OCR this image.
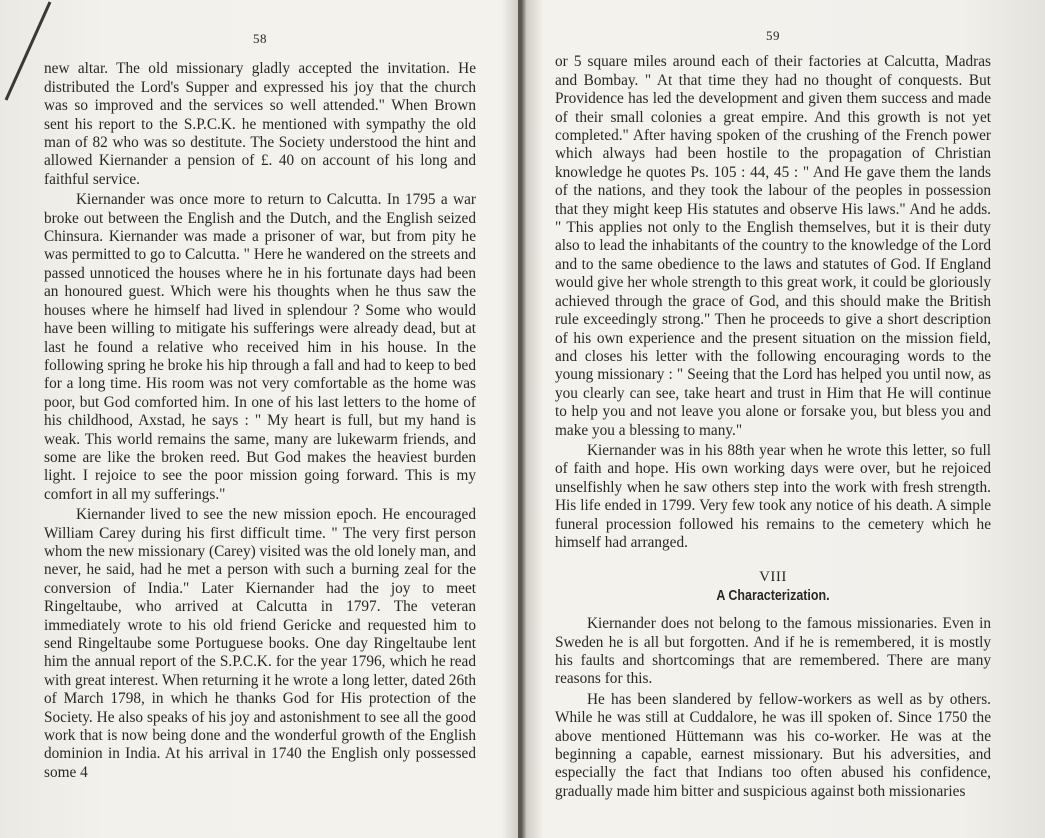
58

new altar. The old missionary gladly accepted the invitation. He distributed the Lord's Supper and expressed his joy that the church was so improved and the services so well attended." When Brown sent his report to the S.P.C.K. he mentioned with sympathy the old man of 82 who was so destitute. The Society understood the hint and allowed Kiernander a pension of £. 40 on account of his long and faithful service.

Kiernander was once more to return to Calcutta. In 1795 a war broke out between the English and the Dutch, and the English seized Chinsura. Kiernander was made a prisoner of war, but from pity he was permitted to go to Calcutta. " Here he wandered on the streets and passed unnoticed the houses where he in his fortunate days had been an honoured guest. Which were his thoughts when he thus saw the houses where he himself had lived in splendour ? Some who would have been willing to mitigate his sufferings were already dead, but at last he found a relative who received him in his house. In the following spring he broke his hip through a fall and had to keep to bed for a long time. His room was not very comfortable as the home was poor, but God comforted him. In one of his last letters to the home of his childhood, Axstad, he says : " My heart is full, but my hand is weak. This world remains the same, many are lukewarm friends, and some are like the broken reed. But God makes the heaviest burden light. I rejoice to see the poor mission going forward. This is my comfort in all my sufferings."

Kiernander lived to see the new mission epoch. He encouraged William Carey during his first difficult time. " The very first person whom the new missionary (Carey) visited was the old lonely man, and never, he said, had he met a person with such a burning zeal for the conversion of India." Later Kiernander had the joy to meet Ringeltaube, who arrived at Calcutta in 1797. The veteran immediately wrote to his old friend Gericke and requested him to send Ringeltaube some Portuguese books. One day Ringeltaube lent him the annual report of the S.P.C.K. for the year 1796, which he read with great interest. When returning it he wrote a long letter, dated 26th of March 1798, in which he thanks God for His protection of the Society. He also speaks of his joy and astonishment to see all the good work that is now being done and the wonderful growth of the English dominion in India. At his arrival in 1740 the English only possessed some 4

59

or 5 square miles around each of their factories at Calcutta, Madras and Bombay. " At that time they had no thought of conquests. But Providence has led the development and given them success and made of their small colonies a great empire. And this growth is not yet completed." After having spoken of the crushing of the French power which always had been hostile to the propagation of Christian knowledge he quotes Ps. 105 : 44, 45 : " And He gave them the lands of the nations, and they took the labour of the peoples in possession that they might keep His statutes and observe His laws." And he adds. " This applies not only to the English themselves, but it is their duty also to lead the inhabitants of the country to the knowledge of the Lord and to the same obedience to the laws and statutes of God. If England would give her whole strength to this great work, it could be gloriously achieved through the grace of God, and this should make the British rule exceedingly strong." Then he proceeds to give a short description of his own experience and the present situation on the mission field, and closes his letter with the following encouraging words to the young missionary : " Seeing that the Lord has helped you until now, as you clearly can see, take heart and trust in Him that He will continue to help you and not leave you alone or forsake you, but bless you and make you a blessing to many."

Kiernander was in his 88th year when he wrote this letter, so full of faith and hope. His own working days were over, but he rejoiced unselfishly when he saw others step into the work with fresh strength. His life ended in 1799. Very few took any notice of his death. A simple funeral procession followed his remains to the cemetery which he himself had arranged.

VIII
A Characterization.

Kiernander does not belong to the famous missionaries. Even in Sweden he is all but forgotten. And if he is remembered, it is mostly his faults and shortcomings that are remembered. There are many reasons for this.

He has been slandered by fellow-workers as well as by others. While he was still at Cuddalore, he was ill spoken of. Since 1750 the above mentioned Hüttemann was his co-worker. He was at the beginning a capable, earnest missionary. But his adversities, and especially the fact that Indians too often abused his confidence, gradually made him bitter and suspicious against both missionaries
